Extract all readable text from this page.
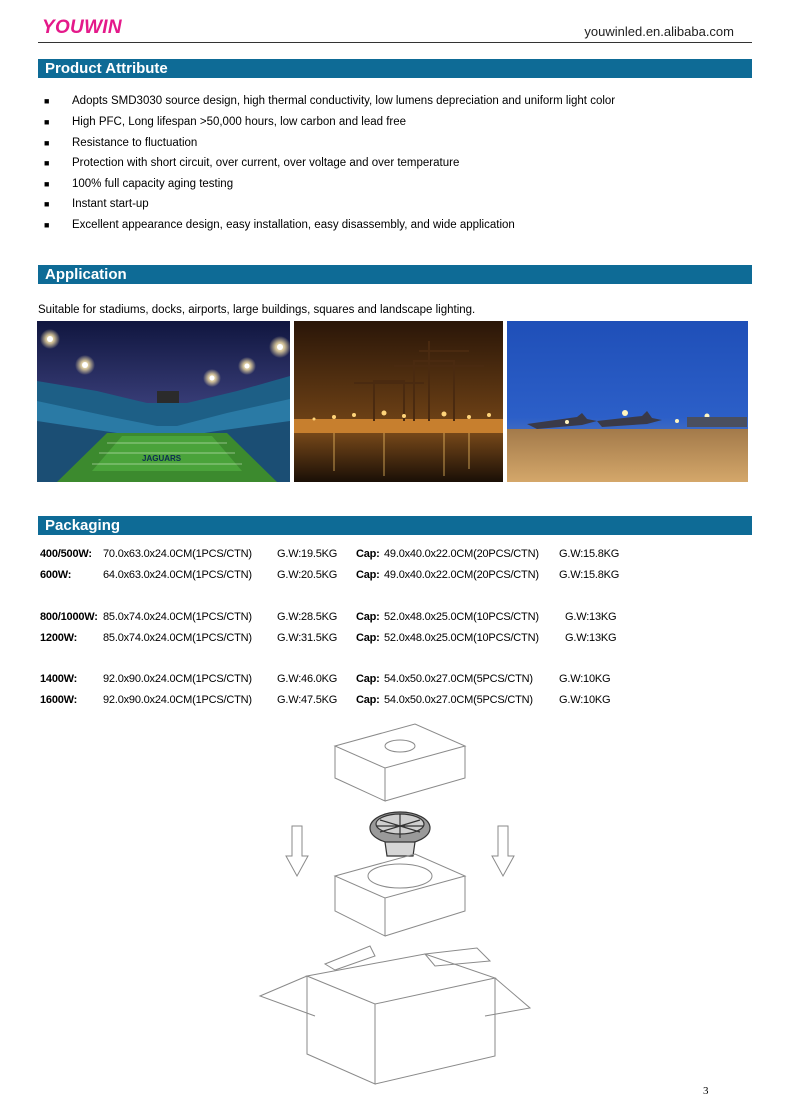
YOUWIN	youwinled.en.alibaba.com
Product Attribute
■ Adopts SMD3030 source design, high thermal conductivity, low lumens depreciation and uniform light color
■ High PFC, Long lifespan >50,000 hours, low carbon and lead free
■ Resistance to fluctuation
■ Protection with short circuit, over current, over voltage and over temperature
■ 100% full capacity aging testing
■ Instant start-up
■ Excellent appearance design, easy installation, easy disassembly, and wide application
Application
Suitable for stadiums, docks, airports, large buildings, squares and landscape lighting.
JAGUARS
Packaging
400/500W: 70.0x63.0x24.0CM(1PCS/CTN) G.W:19.5KG Cap: 49.0x40.0x22.0CM(20PCS/CTN) G.W:15.8KG
600W:	64.0x63.0x24.0CM(1PCS/CTN) G.W:20.5KG Cap: 49.0x40.0x22.0CM(20PCS/CTN) G.W:15.8KG
800/1000W: 85.0x74.0x24.0CM(1PCS/CTN) G.W:28.5KG Cap: 52.0x48.0x25.0CM(10PCS/CTN) G.W:13KG
1200W: 85.0x74.0x24.0CM(1PCS/CTN) G.W:31.5KG Cap: 52.0x48.0x25.0CM(10PCS/CTN) G.W:13KG
1400W: 92.0x90.0x24.0CM(1PCS/CTN) G.W:46.0KG Cap: 54.0x50.0x27.0CM(5PCS/CTN) G.W:10KG
1600W: 92.0x90.0x24.0CM(1PCS/CTN) G.W:47.5KG Cap: 54.0x50.0x27.0CM(5PCS/CTN) G.W:10KG
3
